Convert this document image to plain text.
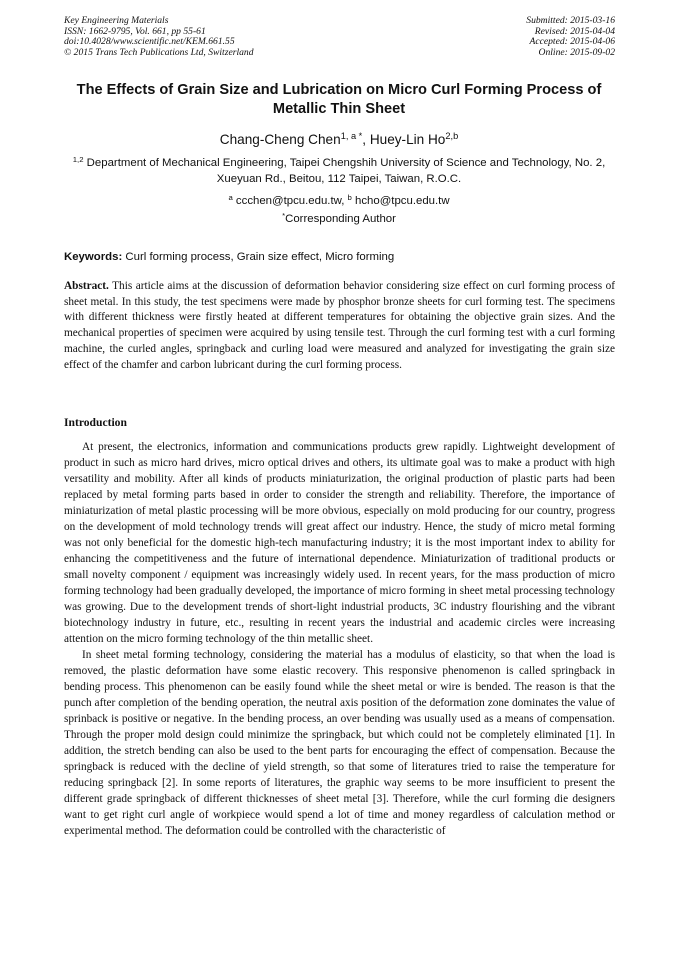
Key Engineering Materials
ISSN: 1662-9795, Vol. 661, pp 55-61
doi:10.4028/www.scientific.net/KEM.661.55
© 2015 Trans Tech Publications Ltd, Switzerland
Submitted: 2015-03-16
Revised: 2015-04-04
Accepted: 2015-04-06
Online: 2015-09-02
The Effects of Grain Size and Lubrication on Micro Curl Forming Process of Metallic Thin Sheet
Chang-Cheng Chen$^{1, a *}$, Huey-Lin Ho$^{2,b}$
$^{1,2}$ Department of Mechanical Engineering, Taipei Chengshih University of Science and Technology, No. 2, Xueyuan Rd., Beitou, 112 Taipei, Taiwan, R.O.C.
$^a$ ccchen@tpcu.edu.tw, $^b$ hcho@tpcu.edu.tw
*Corresponding Author
Keywords: Curl forming process, Grain size effect, Micro forming
Abstract. This article aims at the discussion of deformation behavior considering size effect on curl forming process of sheet metal. In this study, the test specimens were made by phosphor bronze sheets for curl forming test. The specimens with different thickness were firstly heated at different temperatures for obtaining the objective grain sizes. And the mechanical properties of specimen were acquired by using tensile test. Through the curl forming test with a curl forming machine, the curled angles, springback and curling load were measured and analyzed for investigating the grain size effect of the chamfer and carbon lubricant during the curl forming process.
Introduction

At present, the electronics, information and communications products grew rapidly. Lightweight development of product in such as micro hard drives, micro optical drives and others, its ultimate goal was to make a product with high versatility and mobility. After all kinds of products miniaturization, the original production of plastic parts had been replaced by metal forming parts based in order to consider the strength and reliability. Therefore, the importance of miniaturization of metal plastic processing will be more obvious, especially on mold producing for our country, progress on the development of mold technology trends will great affect our industry. Hence, the study of micro metal forming was not only beneficial for the domestic high-tech manufacturing industry; it is the most important index to ability for enhancing the competitiveness and the future of international dependence. Miniaturization of traditional products or small novelty component / equipment was increasingly widely used. In recent years, for the mass production of micro forming technology had been gradually developed, the importance of micro forming in sheet metal processing technology was growing. Due to the development trends of short-light industrial products, 3C industry flourishing and the vibrant biotechnology industry in future, etc., resulting in recent years the industrial and academic circles were increasing attention on the micro forming technology of the thin metallic sheet.

In sheet metal forming technology, considering the material has a modulus of elasticity, so that when the load is removed, the plastic deformation have some elastic recovery. This responsive phenomenon is called springback in bending process. This phenomenon can be easily found while the sheet metal or wire is bended. The reason is that the punch after completion of the bending operation, the neutral axis position of the deformation zone dominates the value of sprinback is positive or negative. In the bending process, an over bending was usually used as a means of compensation. Through the proper mold design could minimize the springback, but which could not be completely eliminated [1]. In addition, the stretch bending can also be used to the bent parts for encouraging the effect of compensation. Because the springback is reduced with the decline of yield strength, so that some of literatures tried to raise the temperature for reducing springback [2]. In some reports of literatures, the graphic way seems to be more insufficient to present the different grade springback of different thicknesses of sheet metal [3]. Therefore, while the curl forming die designers want to get right curl angle of workpiece would spend a lot of time and money regardless of calculation method or experimental method. The deformation could be controlled with the characteristic of
